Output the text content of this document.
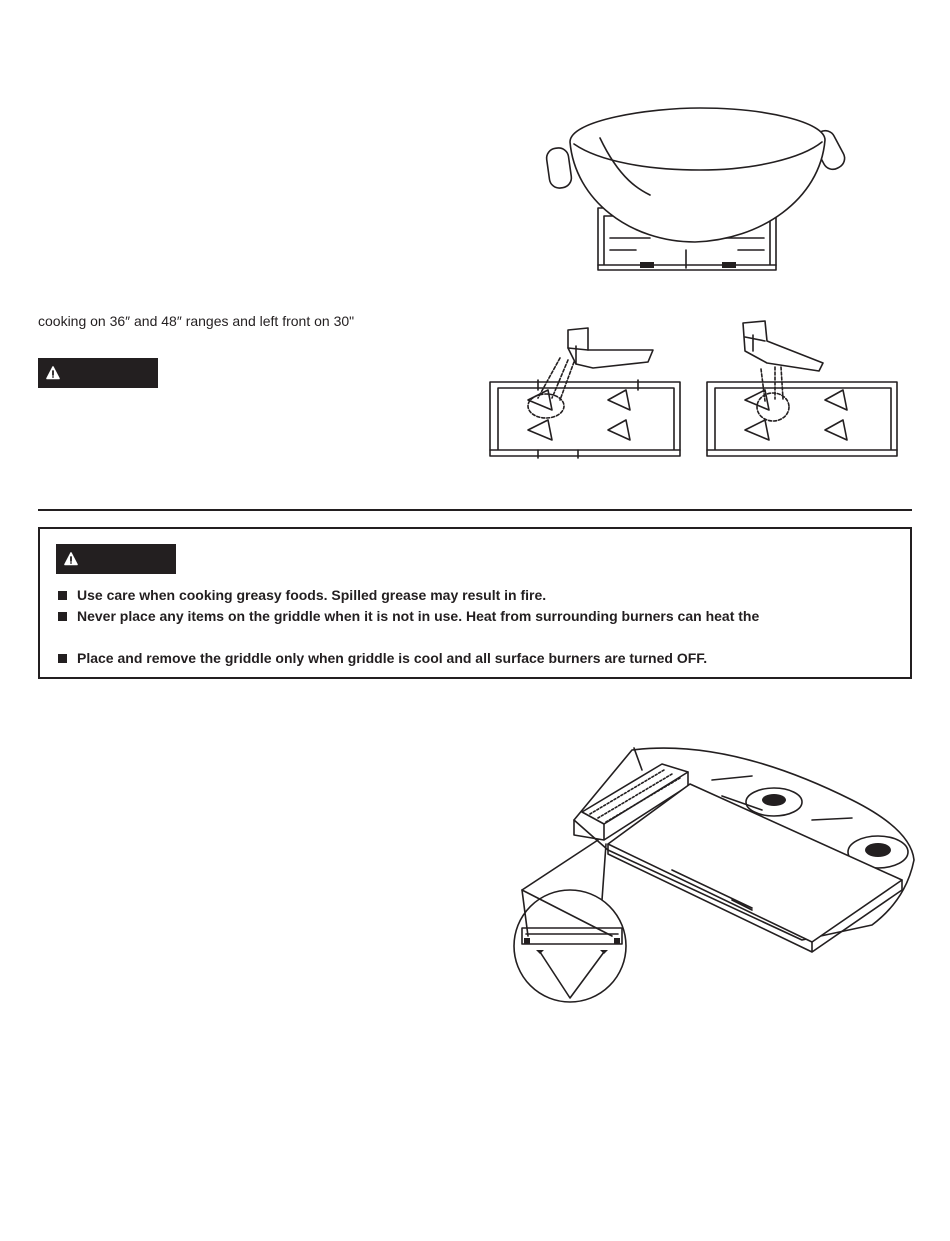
cooking on 36″ and 48″ ranges and left front on 30"

Use care when cooking greasy foods. Spilled grease may result in fire.
Never place any items on the griddle when it is not in use. Heat from surrounding burners can heat the
Place and remove the griddle only when griddle is cool and all surface burners are turned OFF.
